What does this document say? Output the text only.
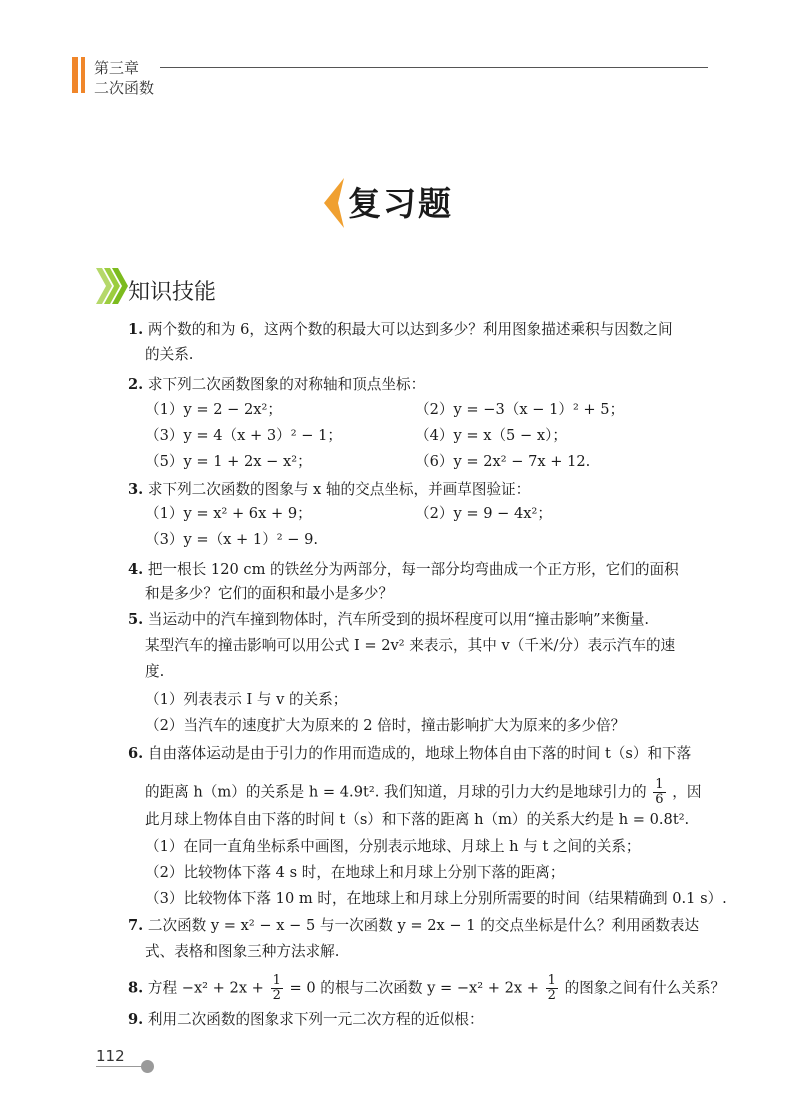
第三章
二次函数
复习题
知识技能
1. 两个数的和为 6，这两个数的积最大可以达到多少？利用图象描述乘积与因数之间
的关系.
2. 求下列二次函数图象的对称轴和顶点坐标：
（1）y = 2 − 2x²；	（2）y = −3（x − 1）² + 5；
（3）y = 4（x + 3）² − 1；	（4）y = x（5 − x）；
（5）y = 1 + 2x − x²；	（6）y = 2x² − 7x + 12.
3. 求下列二次函数的图象与 x 轴的交点坐标，并画草图验证：
（1）y = x² + 6x + 9；	（2）y = 9 − 4x²；
（3）y =（x + 1）² − 9.
4. 把一根长 120 cm 的铁丝分为两部分，每一部分均弯曲成一个正方形，它们的面积
和是多少？它们的面积和最小是多少？
5. 当运动中的汽车撞到物体时，汽车所受到的损坏程度可以用“撞击影响”来衡量.
某型汽车的撞击影响可以用公式 I = 2v² 来表示，其中 v（千米/分）表示汽车的速
度.
（1）列表表示 I 与 v 的关系；
（2）当汽车的速度扩大为原来的 2 倍时，撞击影响扩大为原来的多少倍？
6. 自由落体运动是由于引力的作用而造成的，地球上物体自由下落的时间 t（s）和下落
的距离 h（m）的关系是 h = 4.9t². 我们知道，月球的引力大约是地球引力的 $\frac{1}{6}$ ，因
此月球上物体自由下落的时间 t（s）和下落的距离 h（m）的关系大约是 h = 0.8t².
（1）在同一直角坐标系中画图，分别表示地球、月球上 h 与 t 之间的关系；
（2）比较物体下落 4 s 时，在地球上和月球上分别下落的距离；
（3）比较物体下落 10 m 时，在地球上和月球上分别所需要的时间（结果精确到 0.1 s）.
7. 二次函数 y = x² − x − 5 与一次函数 y = 2x − 1 的交点坐标是什么？利用函数表达
式、表格和图象三种方法求解.
8. 方程 $-x^2 + 2x + \frac{1}{2} = 0$ 的根与二次函数 $y = -x^2 + 2x + \frac{1}{2}$ 的图象之间有什么关系？
9. 利用二次函数的图象求下列一元二次方程的近似根：
112
